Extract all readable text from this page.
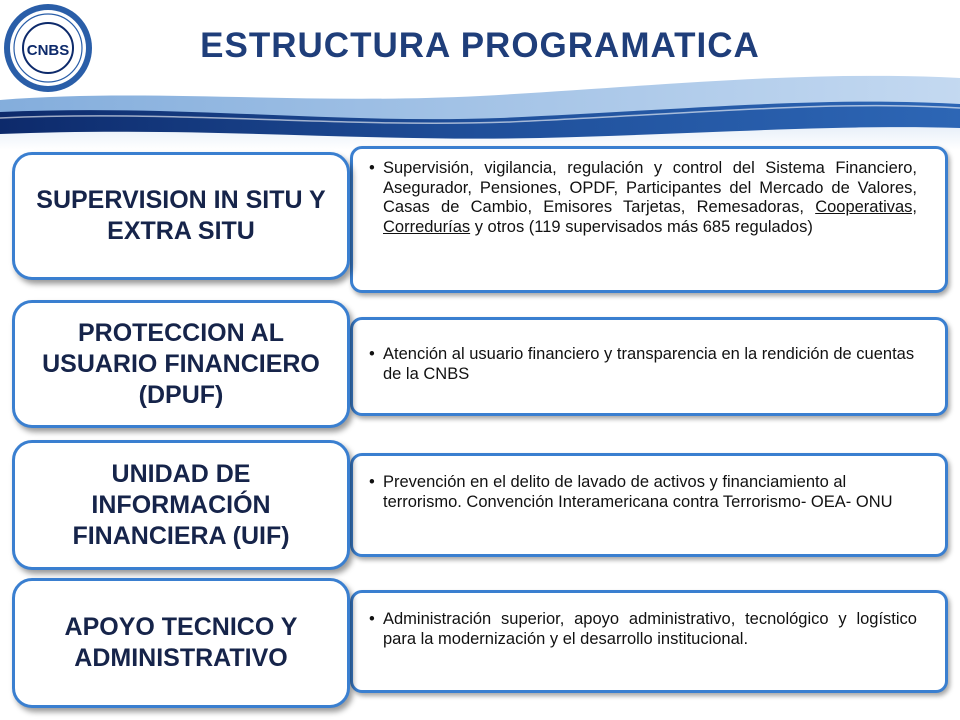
ESTRUCTURA PROGRAMATICA
CNBS
• Supervisión, vigilancia, regulación y control del Sistema Financiero, Asegurador, Pensiones, OPDF, Participantes del Mercado de Valores, Casas de Cambio, Emisores Tarjetas, Remesadoras, Cooperativas, Corredurías y otros (119 supervisados más 685 regulados)
SUPERVISION IN SITU Y EXTRA SITU
• Atención al usuario financiero y transparencia en la rendición de cuentas de la CNBS
PROTECCION AL USUARIO FINANCIERO (DPUF)
• Prevención en el delito de lavado de activos y financiamiento al terrorismo. Convención Interamericana contra Terrorismo- OEA- ONU
UNIDAD DE INFORMACIÓN FINANCIERA (UIF)
• Administración superior, apoyo administrativo, tecnológico y logístico para la modernización y el desarrollo institucional.
APOYO TECNICO Y ADMINISTRATIVO
